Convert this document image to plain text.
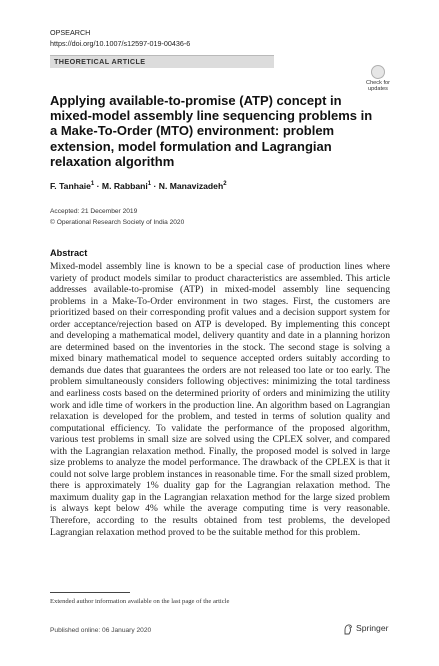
OPSEARCH
https://doi.org/10.1007/s12597-019-00436-6
THEORETICAL ARTICLE
Check for
updates
Applying available-to-promise (ATP) concept in mixed-model assembly line sequencing problems in a Make-To-Order (MTO) environment: problem extension, model formulation and Lagrangian relaxation algorithm
F. Tanhaie$^1$ · M. Rabbani$^1$ · N. Manavizadeh$^2$
Accepted: 21 December 2019
© Operational Research Society of India 2020
Abstract
Mixed-model assembly line is known to be a special case of production lines where variety of product models similar to product characteristics are assembled. This article addresses available-to-promise (ATP) in mixed-model assembly line sequencing problems in a Make-To-Order environment in two stages. First, the customers are prioritized based on their corresponding profit values and a decision support system for order acceptance/rejection based on ATP is developed. By implementing this concept and developing a mathematical model, delivery quantity and date in a planning horizon are determined based on the inventories in the stock. The second stage is solving a mixed binary mathematical model to sequence accepted orders suitably according to demands due dates that guarantees the orders are not released too late or too early. The problem simultaneously considers following objectives: minimizing the total tardiness and earliness costs based on the determined priority of orders and minimizing the utility work and idle time of workers in the production line. An algorithm based on Lagrangian relaxation is developed for the problem, and tested in terms of solution quality and computational efficiency. To validate the performance of the proposed algorithm, various test problems in small size are solved using the CPLEX solver, and compared with the Lagrangian relaxation method. Finally, the proposed model is solved in large size problems to analyze the model performance. The drawback of the CPLEX is that it could not solve large problem instances in reasonable time. For the small sized problem, there is approximately 1% duality gap for the Lagrangian relaxation method. The maximum duality gap in the Lagrangian relaxation method for the large sized problem is always kept below 4% while the average computing time is very reasonable. Therefore, according to the results obtained from test problems, the developed Lagrangian relaxation method proved to be the suitable method for this problem.
Extended author information available on the last page of the article
Published online: 06 January 2020	Springer
